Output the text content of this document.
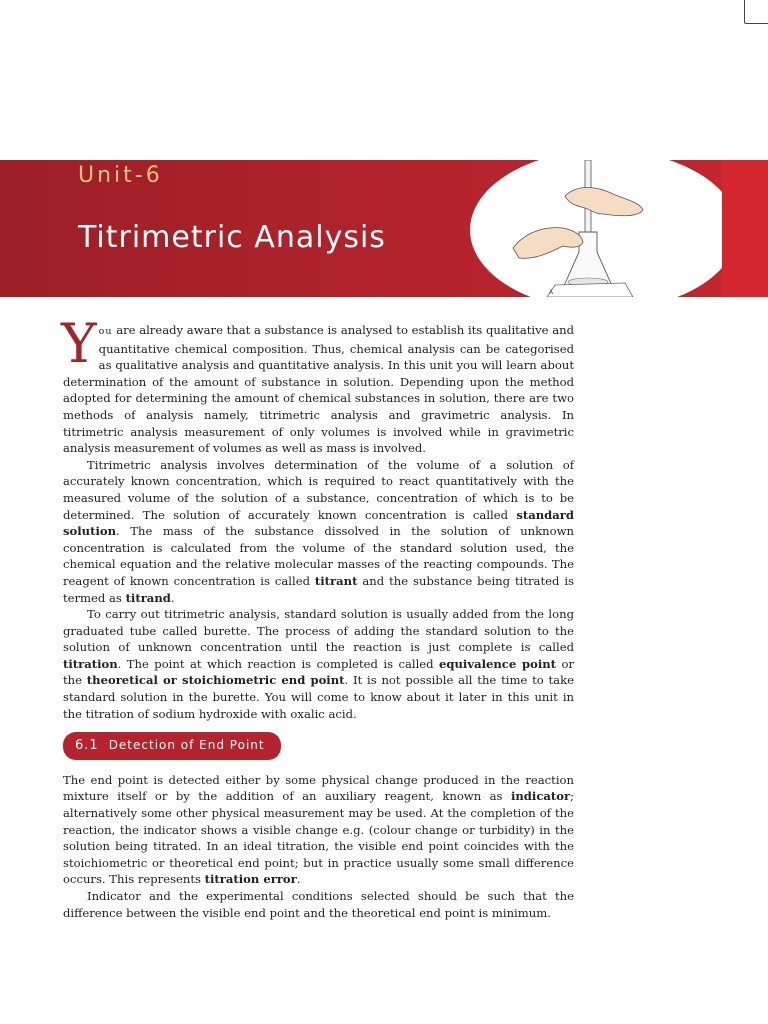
Unit-6
Titrimetric Analysis
A

You are already aware that a substance is analysed to establish its qualitative and quantitative chemical composition. Thus, chemical analysis can be categorised as qualitative analysis and quantitative analysis. In this unit you will learn about determination of the amount of substance in solution. Depending upon the method adopted for determining the amount of chemical substances in solution, there are two methods of analysis namely, titrimetric analysis and gravimetric analysis. In titrimetric analysis measurement of only volumes is involved while in gravimetric analysis measurement of volumes as well as mass is involved.

Titrimetric analysis involves determination of the volume of a solution of accurately known concentration, which is required to react quantitatively with the measured volume of the solution of a substance, concentration of which is to be determined. The solution of accurately known concentration is called standard solution. The mass of the substance dissolved in the solution of unknown concentration is calculated from the volume of the standard solution used, the chemical equation and the relative molecular masses of the reacting compounds. The reagent of known concentration is called titrant and the substance being titrated is termed as titrand.

To carry out titrimetric analysis, standard solution is usually added from the long graduated tube called burette. The process of adding the standard solution to the solution of unknown concentration until the reaction is just complete is called titration. The point at which reaction is completed is called equivalence point or the theoretical or stoichiometric end point. It is not possible all the time to take standard solution in the burette. You will come to know about it later in this unit in the titration of sodium hydroxide with oxalic acid.

6.1 Detection of End Point

The end point is detected either by some physical change produced in the reaction mixture itself or by the addition of an auxiliary reagent, known as indicator; alternatively some other physical measurement may be used. At the completion of the reaction, the indicator shows a visible change e.g. (colour change or turbidity) in the solution being titrated. In an ideal titration, the visible end point coincides with the stoichiometric or theoretical end point; but in practice usually some small difference occurs. This represents titration error.

Indicator and the experimental conditions selected should be such that the difference between the visible end point and the theoretical end point is minimum.
